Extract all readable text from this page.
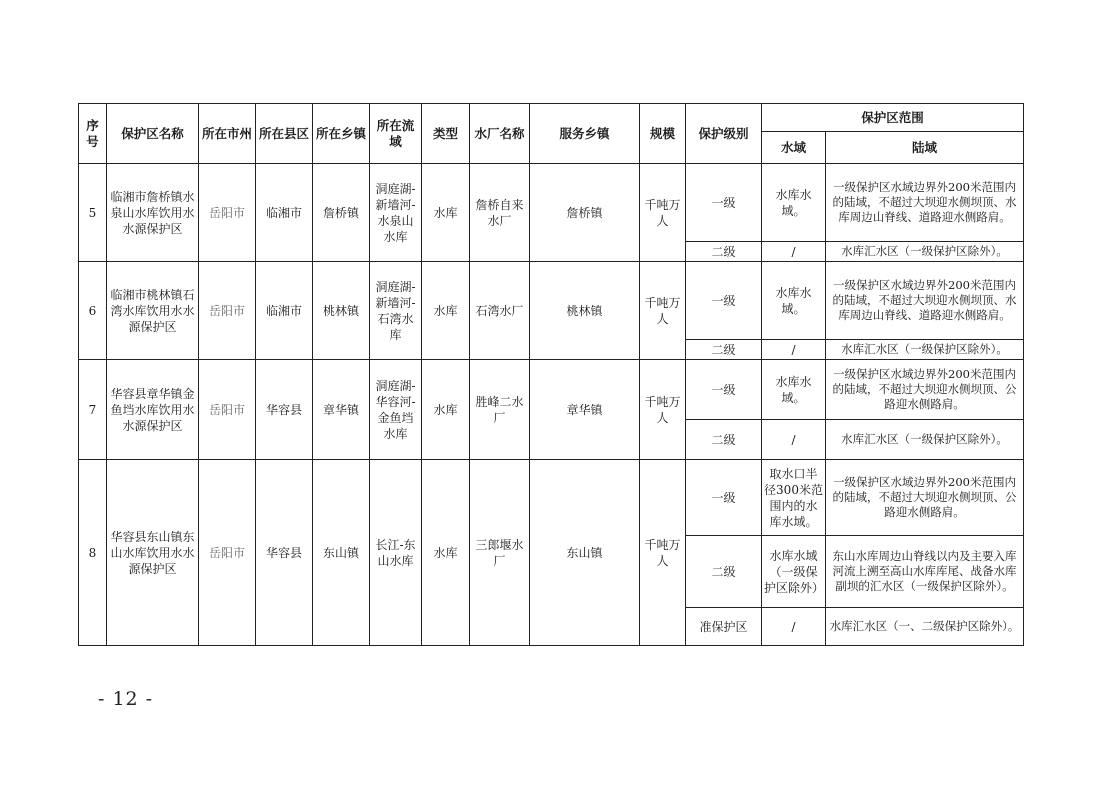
序号	保护区名称	所在市州	所在县区	所在乡镇	所在流域	类型	水厂名称	服务乡镇	规模	保护级别	保护区范围	
											水域	陆域
5	临湘市詹桥镇水泉山水库饮用水水源保护区	岳阳市	临湘市	詹桥镇	洞庭湖-新墙河-水泉山水库	水库	詹桥自来水厂	詹桥镇	千吨万人	一级	水库水域。	一级保护区水域边界外200米范围内的陆域，不超过大坝迎水侧坝顶、水库周边山脊线、道路迎水侧路肩。
										二级	/	水库汇水区（一级保护区除外）。
6	临湘市桃林镇石湾水库饮用水水源保护区	岳阳市	临湘市	桃林镇	洞庭湖-新墙河-石湾水库	水库	石湾水厂	桃林镇	千吨万人	一级	水库水域。	一级保护区水域边界外200米范围内的陆域，不超过大坝迎水侧坝顶、水库周边山脊线、道路迎水侧路肩。
										二级	/	水库汇水区（一级保护区除外）。
7	华容县章华镇金鱼垱水库饮用水水源保护区	岳阳市	华容县	章华镇	洞庭湖-华容河-金鱼垱水库	水库	胜峰二水厂	章华镇	千吨万人	一级	水库水域。	一级保护区水域边界外200米范围内的陆域，不超过大坝迎水侧坝顶、公路迎水侧路肩。
										二级	/	水库汇水区（一级保护区除外）。
8	华容县东山镇东山水库饮用水水源保护区	岳阳市	华容县	东山镇	长江-东山水库	水库	三郎堰水厂	东山镇	千吨万人	一级	取水口半径300米范围内的水库水域。	一级保护区水域边界外200米范围内的陆域，不超过大坝迎水侧坝顶、公路迎水侧路肩。
										二级	水库水域（一级保护区除外）	东山水库周边山脊线以内及主要入库河流上溯至高山水库库尾、战备水库副坝的汇水区（一级保护区除外）。
										准保护区	/	水库汇水区（一、二级保护区除外）。
- 12 -
